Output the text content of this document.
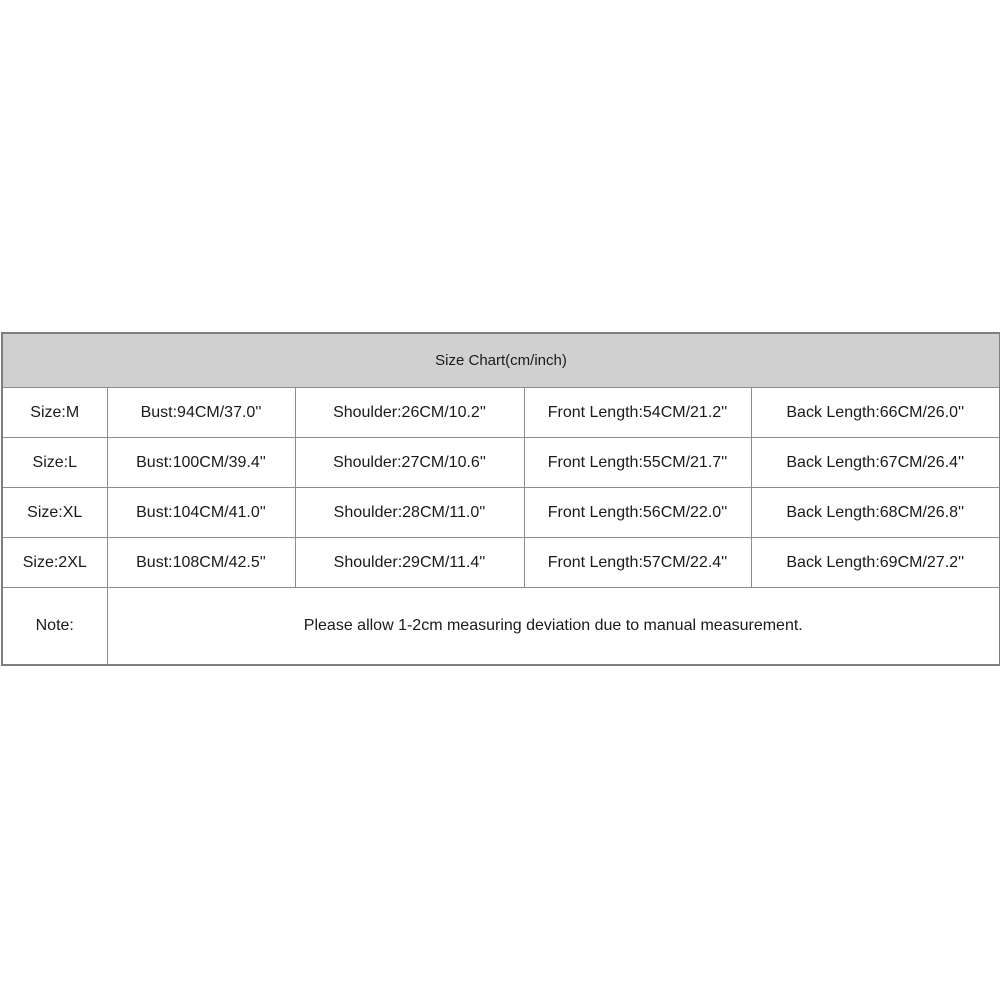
Size Chart(cm/inch)				
Size:M	Bust:94CM/37.0''	Shoulder:26CM/10.2''	Front Length:54CM/21.2''	Back Length:66CM/26.0''
Size:L	Bust:100CM/39.4''	Shoulder:27CM/10.6''	Front Length:55CM/21.7''	Back Length:67CM/26.4''
Size:XL	Bust:104CM/41.0''	Shoulder:28CM/11.0''	Front Length:56CM/22.0''	Back Length:68CM/26.8''
Size:2XL	Bust:108CM/42.5''	Shoulder:29CM/11.4''	Front Length:57CM/22.4''	Back Length:69CM/27.2''
Note:	Please allow 1-2cm measuring deviation due to manual measurement.			
